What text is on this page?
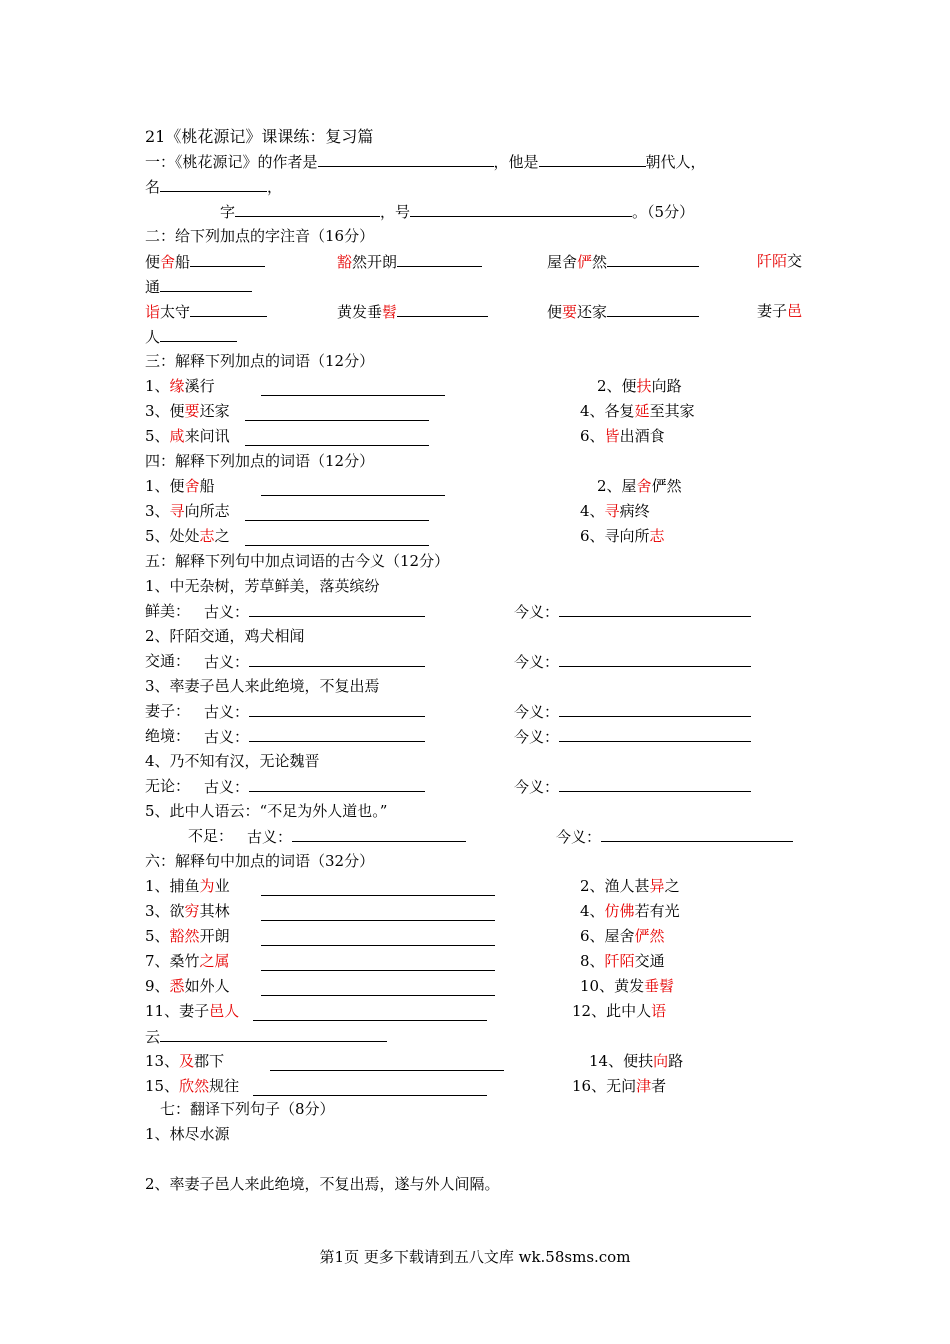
21《桃花源记》课课练：复习篇
一：《桃花源记》的作者是	，他是	朝代人，
名	，
字	，号	。（5分）
二：给下列加点的字注音（16分）
便舍船	豁然开朗	屋舍俨然	阡陌交
通
诣太守	黄发垂髫	便要还家	妻子邑
人
三：解释下列加点的词语（12分）
1、缘溪行	2、便扶向路
3、便要还家	4、各复延至其家
5、咸来问讯	6、皆出酒食
四：解释下列加点的词语（12分）
1、便舍船	2、屋舍俨然
3、寻向所志	4、寻病终
5、处处志之	6、寻向所志
五：解释下列句中加点词语的古今义（12分）
1、中无杂树，芳草鲜美，落英缤纷
鲜美： 古义：	今义：
2、阡陌交通，鸡犬相闻
交通： 古义：	今义：
3、率妻子邑人来此绝境，不复出焉
妻子： 古义：	今义：
绝境： 古义：	今义：
4、乃不知有汉，无论魏晋
无论： 古义：	今义：
5、此中人语云：“不足为外人道也。”
不足： 古义：	今义：
六：解释句中加点的词语（32分）
1、捕鱼为业	2、渔人甚异之
3、欲穷其林	4、仿佛若有光
5、豁然开朗	6、屋舍俨然
7、桑竹之属	8、阡陌交通
9、悉如外人	10、黄发垂髫
11、妻子邑人	12、此中人语
云
13、及郡下	14、便扶向路
15、欣然规往	16、无问津者
七：翻译下列句子（8分）
1、林尽水源
2、率妻子邑人来此绝境，不复出焉，遂与外人间隔。
第1页 更多下载请到五八文库 wk.58sms.com
